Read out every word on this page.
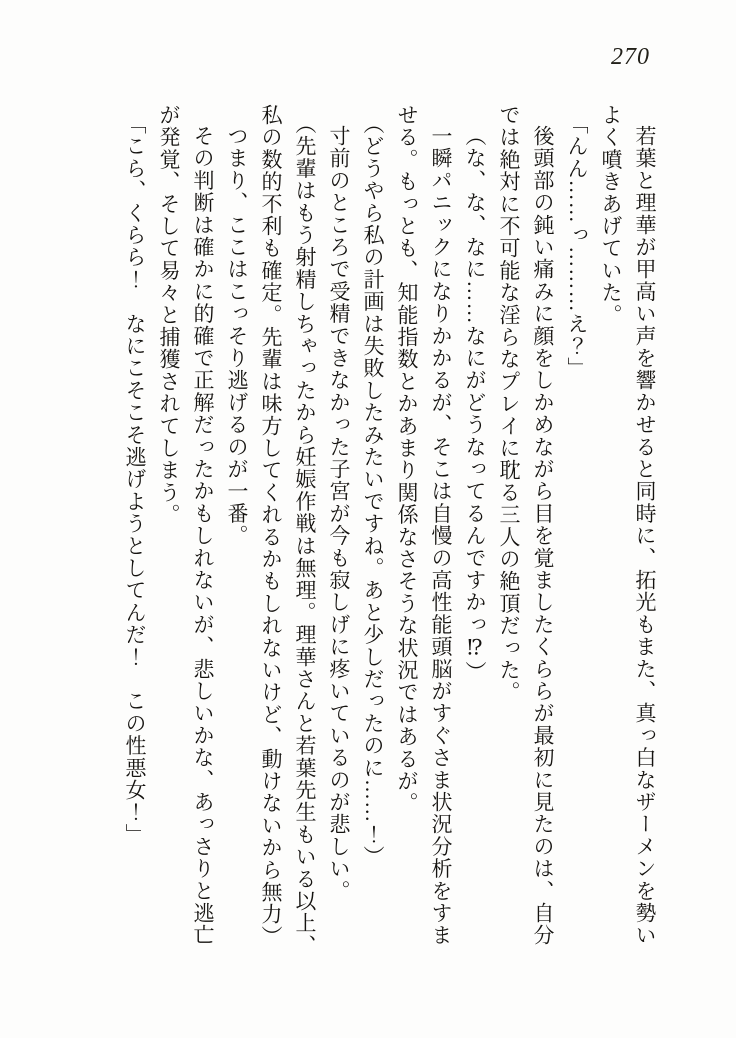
270

若葉と理華が甲高い声を響かせると同時に、拓光もまた、真っ白なザーメンを勢い

よく噴きあげていた。

「んん……っ………え？」

後頭部の鈍い痛みに顔をしかめながら目を覚ましたくららが最初に見たのは、自分

では絶対に不可能な淫らなプレイに耽る三人の絶頂だった。

（な、な、なに……なにがどうなってるんですかっ⁉）

一瞬パニックになりかかるが、そこは自慢の高性能頭脳がすぐさま状況分析をすま

せる。もっとも、知能指数とかあまり関係なさそうな状況ではあるが。

（どうやら私の計画は失敗したみたいですね。あと少しだったのに……！）

寸前のところで受精できなかった子宮が今も寂しげに疼いているのが悲しい。

（先輩はもう射精しちゃったから妊娠作戦は無理。理華さんと若葉先生もいる以上、

私の数的不利も確定。先輩は味方してくれるかもしれないけど、動けないから無力）

つまり、ここはこっそり逃げるのが一番。

その判断は確かに的確で正解だったかもしれないが、悲しいかな、あっさりと逃亡

が発覚、そして易々と捕獲されてしまう。

「こら、くらら！　なにこそこそ逃げようとしてんだ！　この性悪女！」
